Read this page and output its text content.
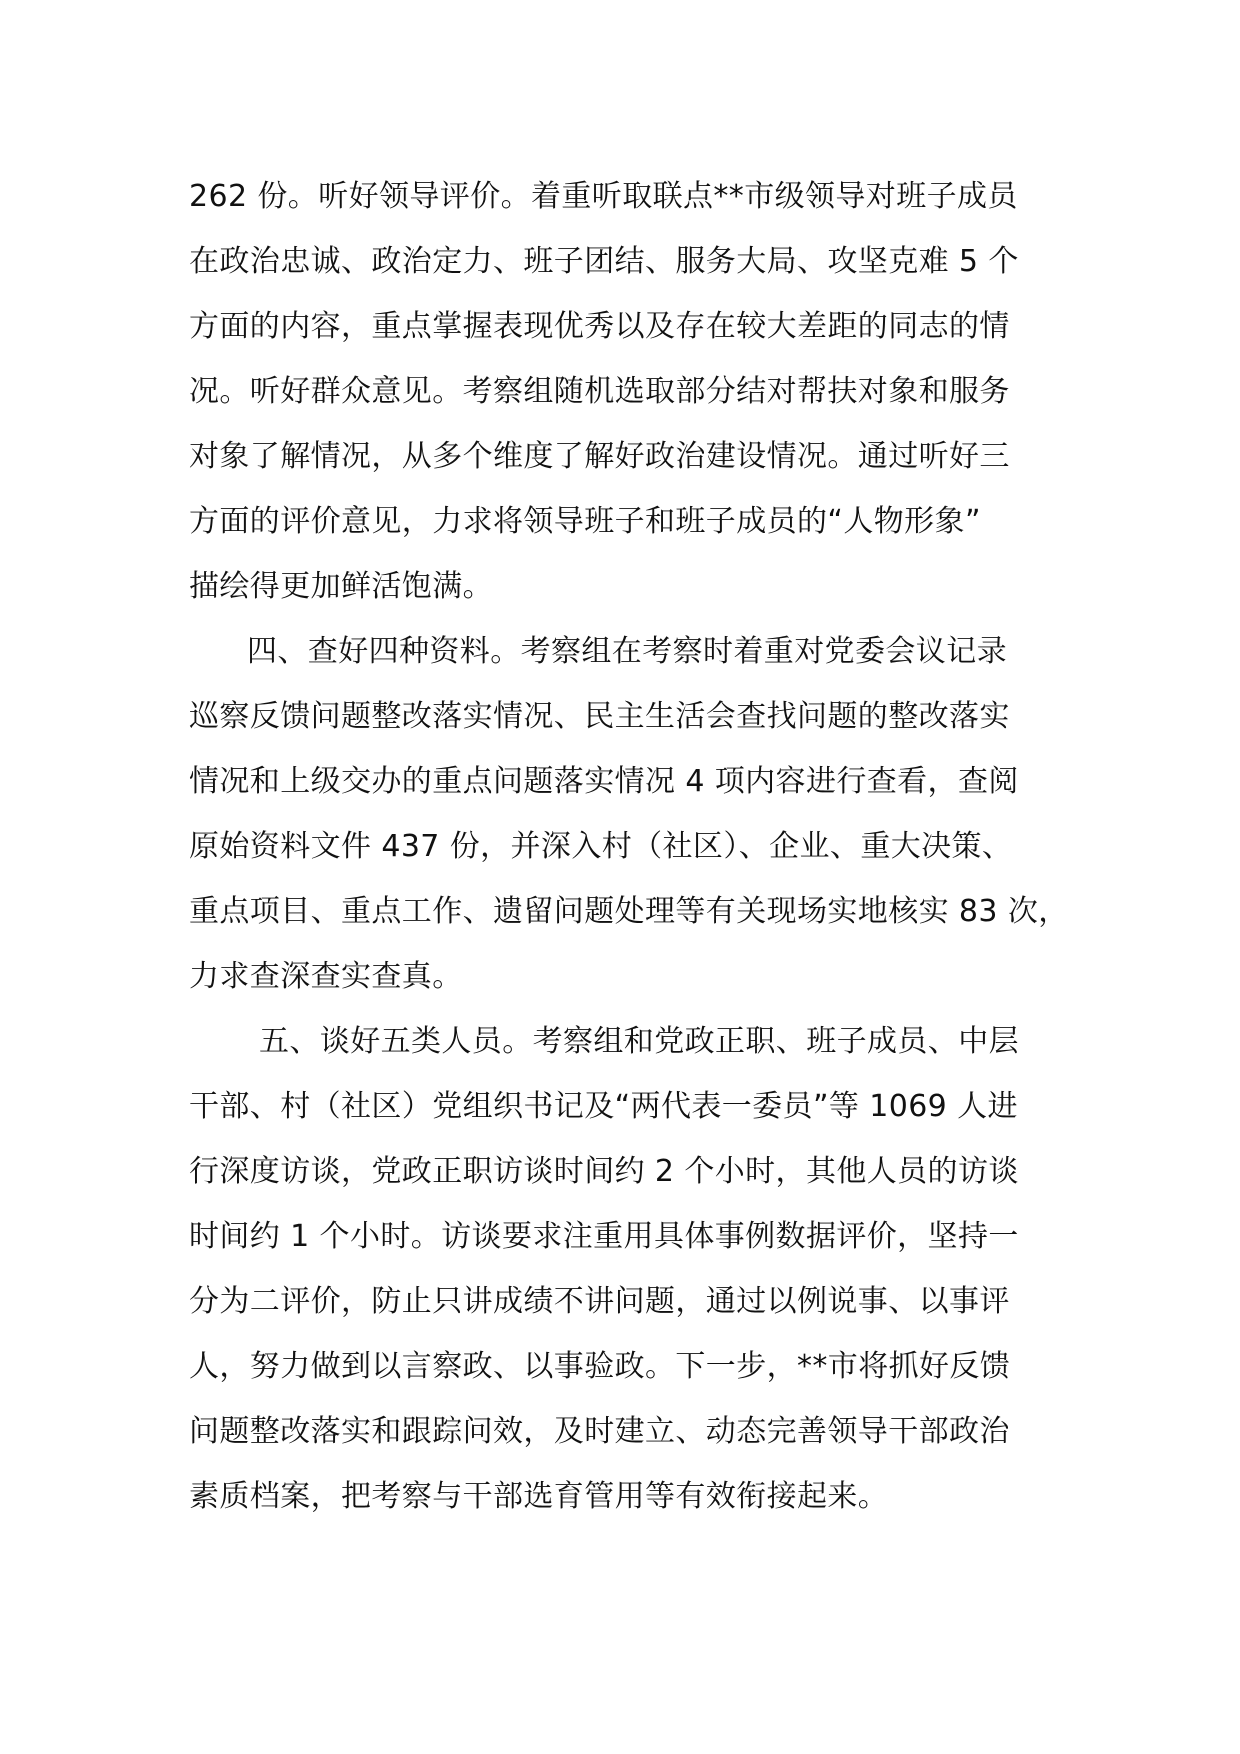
262 份。听好领导评价。着重听取联点**市级领导对班子成员
在政治忠诚、政治定力、班子团结、服务大局、攻坚克难 5 个
方面的内容，重点掌握表现优秀以及存在较大差距的同志的情
况。听好群众意见。考察组随机选取部分结对帮扶对象和服务
对象了解情况，从多个维度了解好政治建设情况。通过听好三
方面的评价意见，力求将领导班子和班子成员的“人物形象”
描绘得更加鲜活饱满。
四、查好四种资料。考察组在考察时着重对党委会议记录
巡察反馈问题整改落实情况、民主生活会查找问题的整改落实
情况和上级交办的重点问题落实情况 4 项内容进行查看，查阅
原始资料文件 437 份，并深入村（社区）、企业、重大决策、
重点项目、重点工作、遗留问题处理等有关现场实地核实 83 次，
力求查深查实查真。
五、谈好五类人员。考察组和党政正职、班子成员、中层
干部、村（社区）党组织书记及“两代表一委员”等 1069 人进
行深度访谈，党政正职访谈时间约 2 个小时，其他人员的访谈
时间约 1 个小时。访谈要求注重用具体事例数据评价，坚持一
分为二评价，防止只讲成绩不讲问题，通过以例说事、以事评
人，努力做到以言察政、以事验政。下一步，**市将抓好反馈
问题整改落实和跟踪问效，及时建立、动态完善领导干部政治
素质档案，把考察与干部选育管用等有效衔接起来。
